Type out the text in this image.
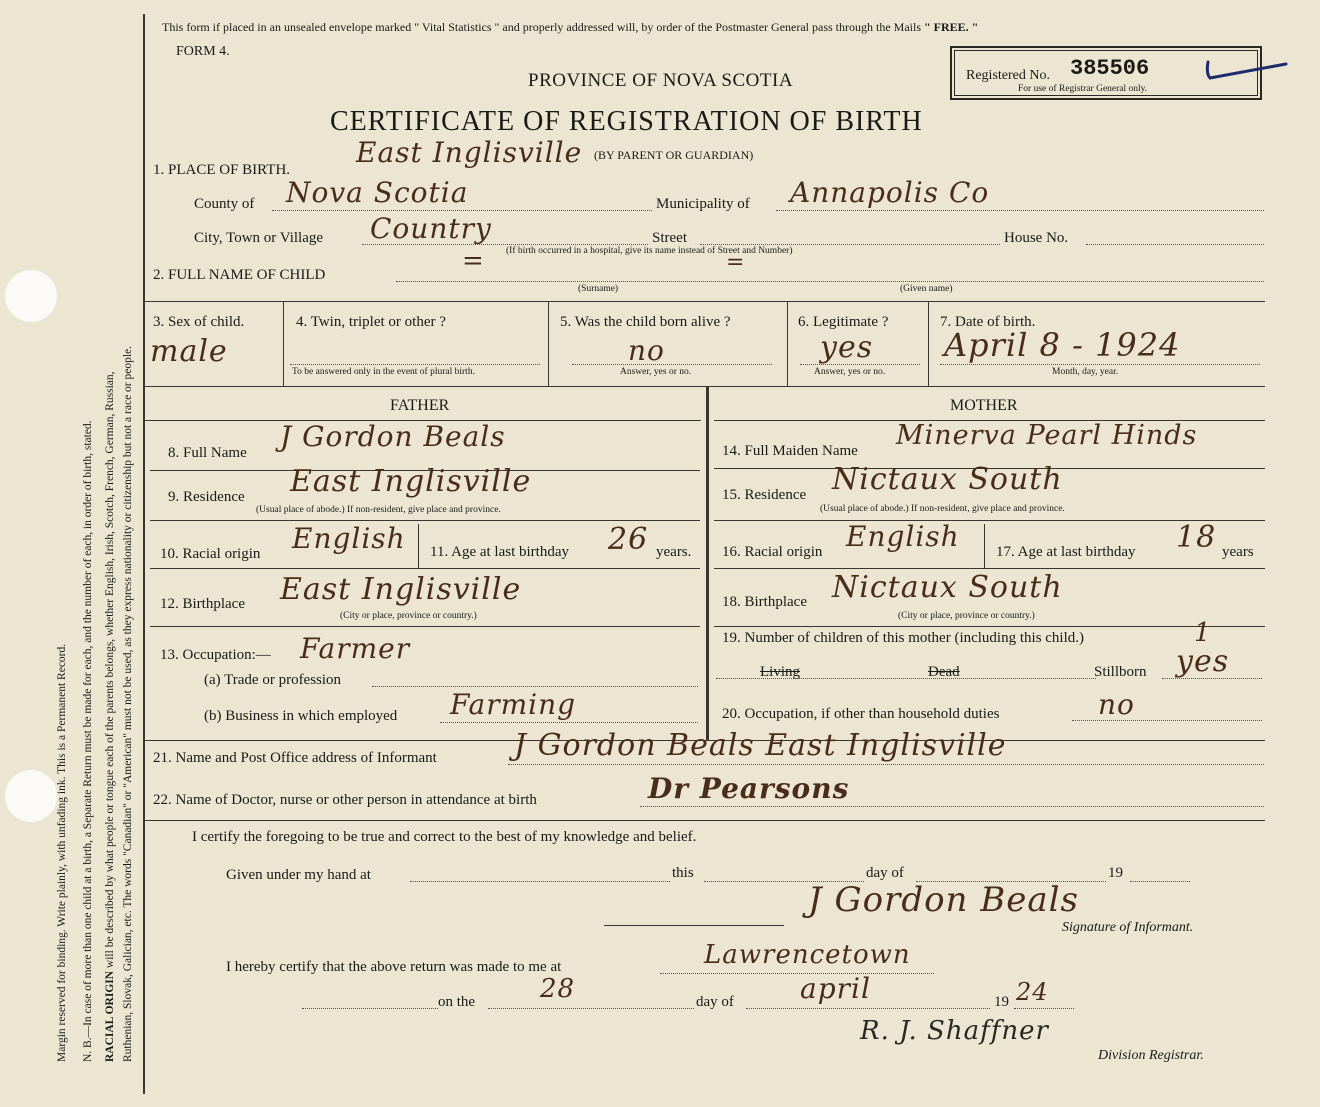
Margin reserved for binding. Write plainly, with unfading ink. This is a Permanent Record. N. B.—In case of more than one child at a birth, a Separate Return must be made for each, and the number of each, in order of birth, stated. RACIAL ORIGIN will be described by what people or tongue each of the parents belongs, whether English, Irish, Scotch, French, German, Russian, Ruthenian, Slovak, Galician, etc. The words "Canadian" or "American" must not be used, as they express nationality or citizenship but not a race or people.
This form if placed in an unsealed envelope marked " Vital Statistics " and properly addressed will, by order of the Postmaster General pass through the Mails " FREE. "
FORM 4.
PROVINCE OF NOVA SCOTIA
CERTIFICATE OF REGISTRATION OF BIRTH
(BY PARENT OR GUARDIAN)
Registered No. 385506
For use of Registrar General only.
1. PLACE OF BIRTH.
East Inglisville
County of Nova Scotia	Municipality of Annapolis Co
City, Town or Village Country	Street
(If birth occurred in a hospital, give its name instead of Street and Number)
House No.
2. FULL NAME OF CHILD	=	=
(Surname)	(Given name)
3. Sex of child.
male
4. Twin, triplet or other ?
To be answered only in the event of plural birth.
5. Was the child born alive ?
no
Answer, yes or no.
6. Legitimate ?
yes
Answer, yes or no.
7. Date of birth.
April 8 - 1924
Month, day, year.
FATHER	MOTHER
8. Full Name J Gordon Beals
9. Residence East Inglisville
(Usual place of abode.) If non-resident, give place and province.
10. Racial origin English 11. Age at last birthday 26 years.
12. Birthplace East Inglisville
(City or place, province or country.)
13. Occupation:— Farmer
(a) Trade or profession
(b) Business in which employed Farming
14. Full Maiden Name Minerva Pearl Hinds
15. Residence Nictaux South
(Usual place of abode.) If non-resident, give place and province.
16. Racial origin English 17. Age at last birthday 18 years
18. Birthplace Nictaux South
(City or place, province or country.)
19. Number of children of this mother (including this child.)	1
Living	Dead	Stillborn yes
20. Occupation, if other than household duties	no
21. Name and Post Office address of Informant	J Gordon Beals East Inglisville
22. Name of Doctor, nurse or other person in attendance at birth	Dr Pearsons
I certify the foregoing to be true and correct to the best of my knowledge and belief.
Given under my hand at	this	day of	19
J Gordon Beals
Signature of Informant.
I hereby certify that the above return was made to me at	Lawrencetown
on the 28	day of april	19 24
R. J. Shaffner
Division Registrar.
